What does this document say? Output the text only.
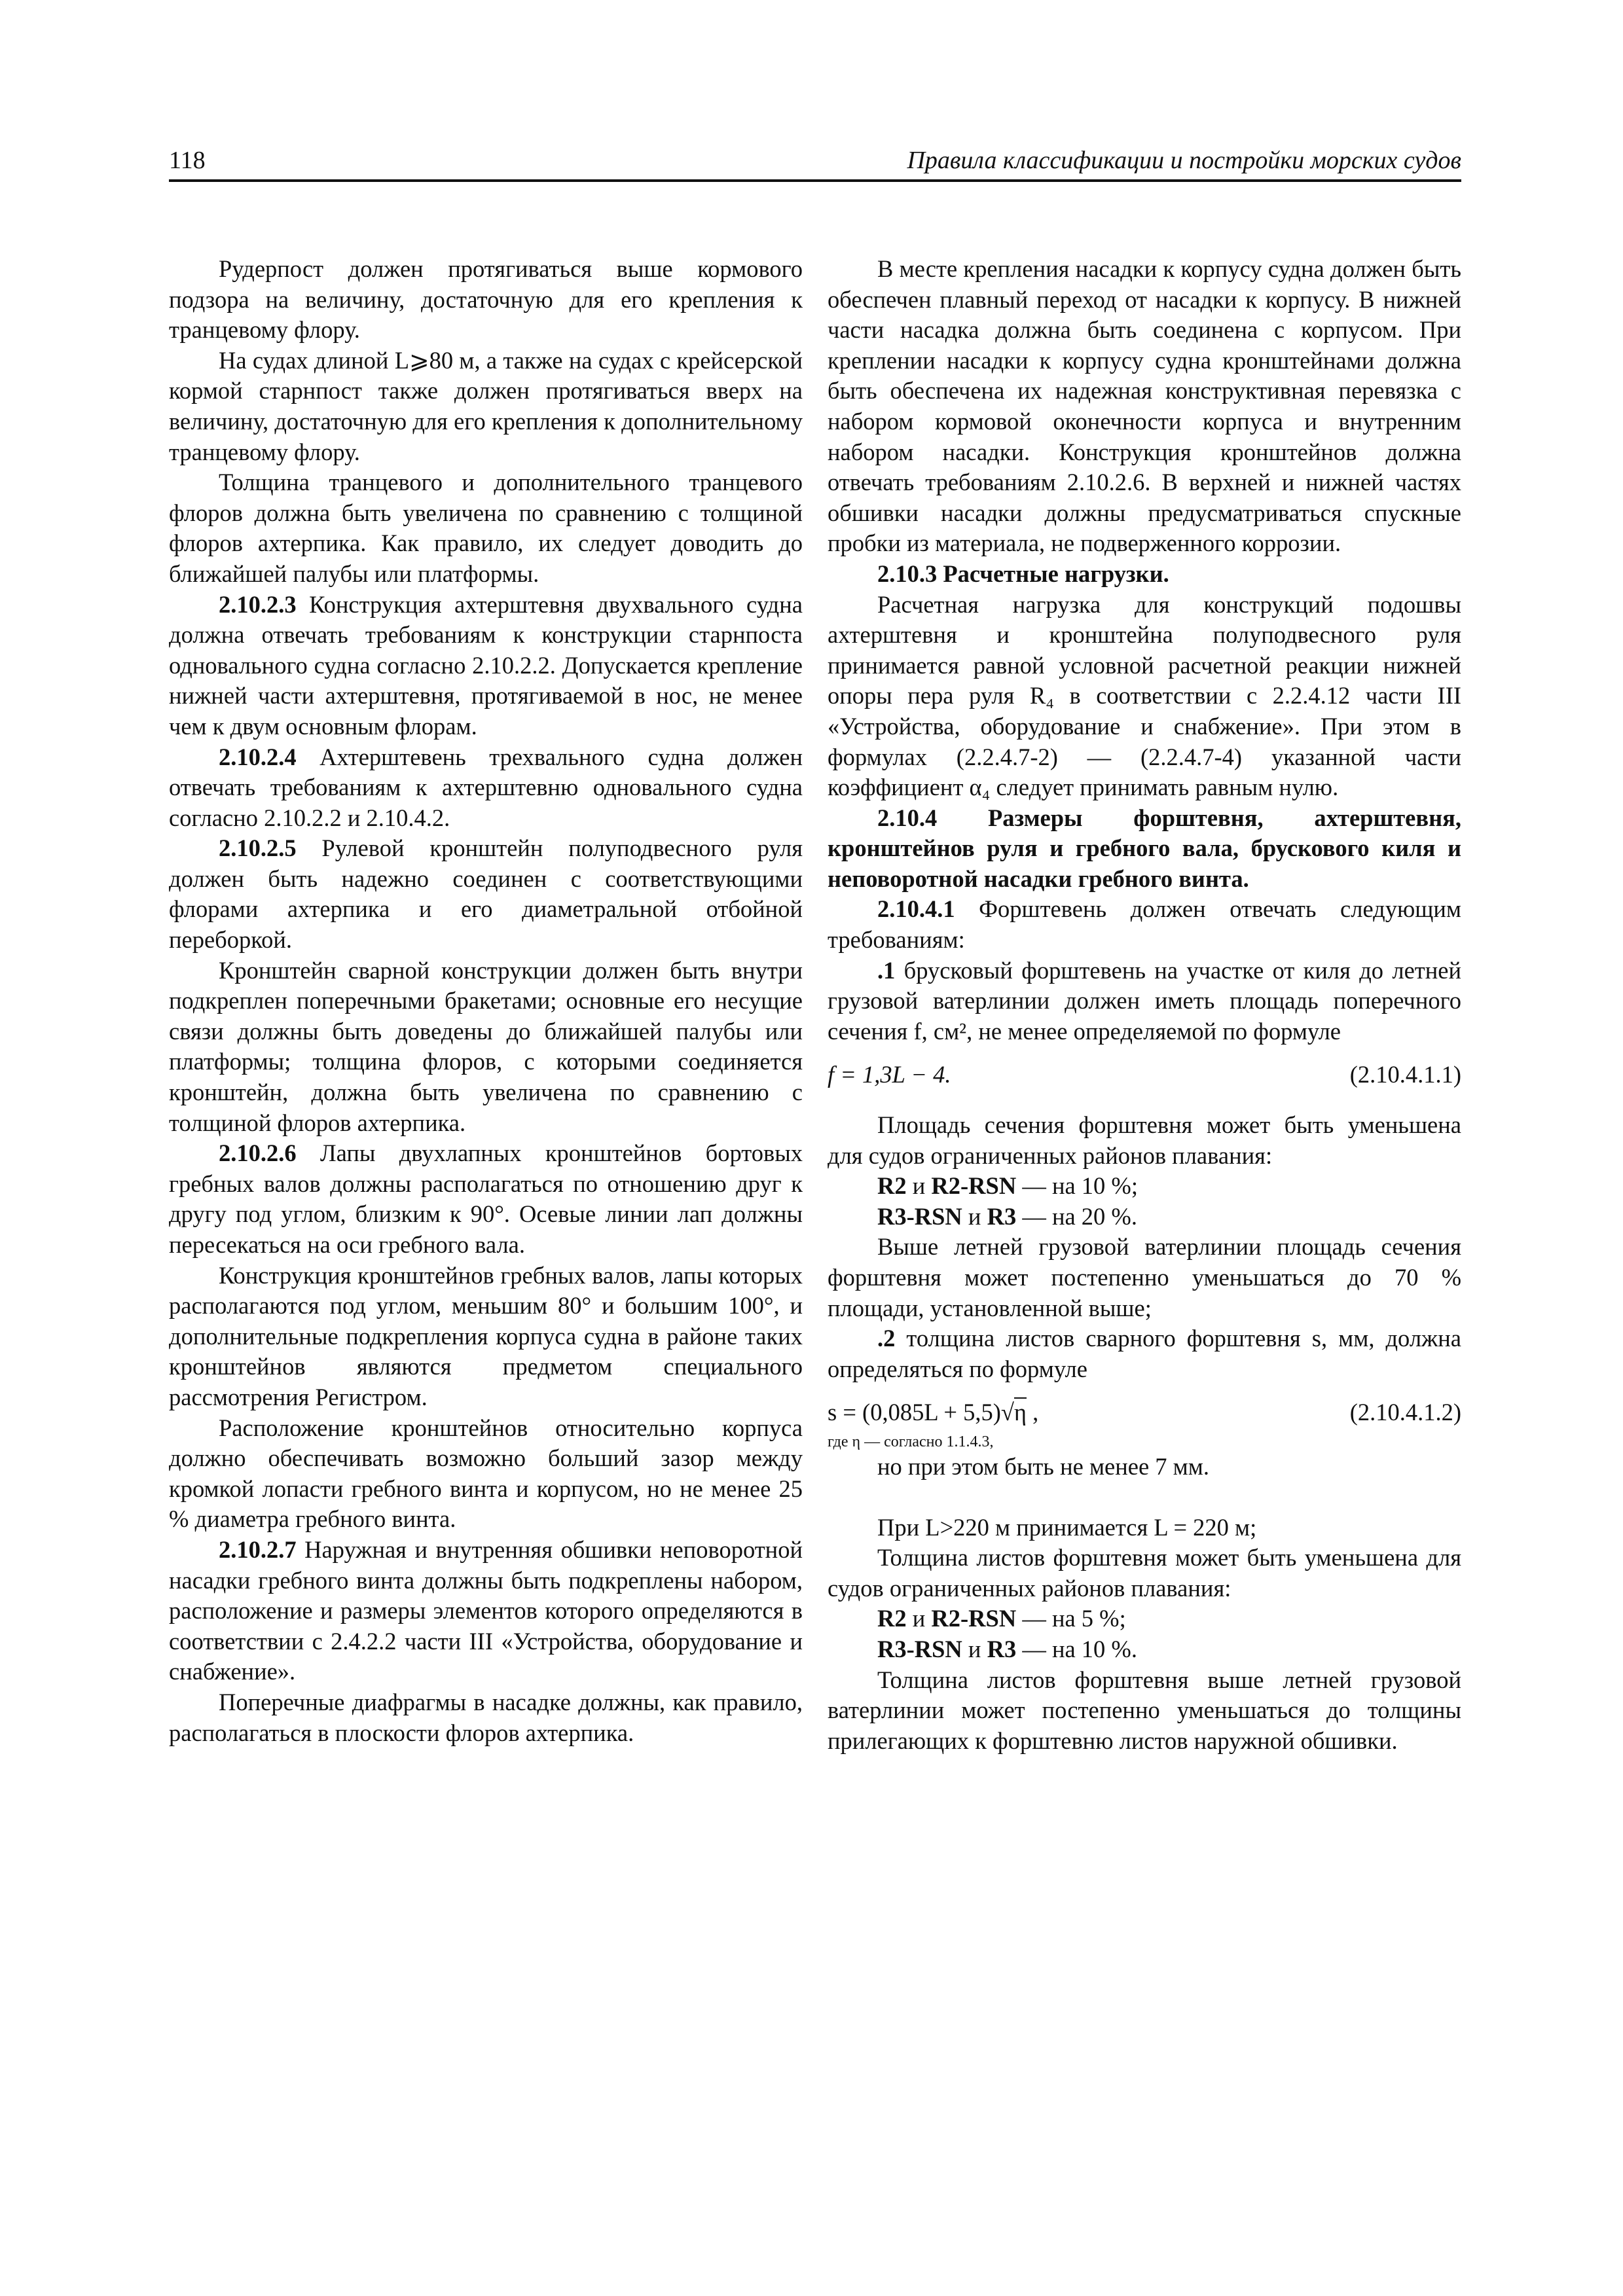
118	Правила классификации и постройки морских судов

Рудерпост должен протягиваться выше кормового подзора на величину, достаточную для его крепления к транцевому флору.

На судах длиной L⩾80 м, а также на судах с крейсерской кормой старнпост также должен протягиваться вверх на величину, достаточную для его крепления к дополнительному транцевому флору.

Толщина транцевого и дополнительного транцевого флоров должна быть увеличена по сравнению с толщиной флоров ахтерпика. Как правило, их следует доводить до ближайшей палубы или платформы.

2.10.2.3 Конструкция ахтерштевня двухвального судна должна отвечать требованиям к конструкции старнпоста одновального судна согласно 2.10.2.2. Допускается крепление нижней части ахтерштевня, протягиваемой в нос, не менее чем к двум основным флорам.

2.10.2.4 Ахтерштевень трехвального судна должен отвечать требованиям к ахтерштевню одновального судна согласно 2.10.2.2 и 2.10.4.2.

2.10.2.5 Рулевой кронштейн полуподвесного руля должен быть надежно соединен с соответствующими флорами ахтерпика и его диаметральной отбойной переборкой.

Кронштейн сварной конструкции должен быть внутри подкреплен поперечными бракетами; основные его несущие связи должны быть доведены до ближайшей палубы или платформы; толщина флоров, с которыми соединяется кронштейн, должна быть увеличена по сравнению с толщиной флоров ахтерпика.

2.10.2.6 Лапы двухлапных кронштейнов бортовых гребных валов должны располагаться по отношению друг к другу под углом, близким к 90°. Осевые линии лап должны пересекаться на оси гребного вала.

Конструкция кронштейнов гребных валов, лапы которых располагаются под углом, меньшим 80° и большим 100°, и дополнительные подкрепления корпуса судна в районе таких кронштейнов являются предметом специального рассмотрения Регистром.

Расположение кронштейнов относительно корпуса должно обеспечивать возможно больший зазор между кромкой лопасти гребного винта и корпусом, но не менее 25 % диаметра гребного винта.

2.10.2.7 Наружная и внутренняя обшивки неповоротной насадки гребного винта должны быть подкреплены набором, расположение и размеры элементов которого определяются в соответствии с 2.4.2.2 части III «Устройства, оборудование и снабжение».

Поперечные диафрагмы в насадке должны, как правило, располагаться в плоскости флоров ахтерпика.

В месте крепления насадки к корпусу судна должен быть обеспечен плавный переход от насадки к корпусу. В нижней части насадка должна быть соединена с корпусом. При креплении насадки к корпусу судна кронштейнами должна быть обеспечена их надежная конструктивная перевязка с набором кормовой оконечности корпуса и внутренним набором насадки. Конструкция кронштейнов должна отвечать требованиям 2.10.2.6. В верхней и нижней частях обшивки насадки должны предусматриваться спускные пробки из материала, не подверженного коррозии.

2.10.3 Расчетные нагрузки.

Расчетная нагрузка для конструкций подошвы ахтерштевня и кронштейна полуподвесного руля принимается равной условной расчетной реакции нижней опоры пера руля R₄ в соответствии с 2.2.4.12 части III «Устройства, оборудование и снабжение». При этом в формулах (2.2.4.7-2) — (2.2.4.7-4) указанной части коэффициент α₄ следует принимать равным нулю.

2.10.4 Размеры форштевня, ахтерштевня, кронштейнов руля и гребного вала, брускового киля и неповоротной насадки гребного винта.

2.10.4.1 Форштевень должен отвечать следующим требованиям:

.1 брусковый форштевень на участке от киля до летней грузовой ватерлинии должен иметь площадь поперечного сечения f, см², не менее определяемой по формуле

f = 1,3L − 4.	(2.10.4.1.1)

Площадь сечения форштевня может быть уменьшена для судов ограниченных районов плавания:

R2 и R2-RSN — на 10 %;

R3-RSN и R3 — на 20 %.

Выше летней грузовой ватерлинии площадь сечения форштевня может постепенно уменьшаться до 70 % площади, установленной выше;

.2 толщина листов сварного форштевня s, мм, должна определяться по формуле

s = (0,085L + 5,5)√η ,	(2.10.4.1.2)

где η — согласно 1.1.4.3,

но при этом быть не менее 7 мм.

При L>220 м принимается L = 220 м;

Толщина листов форштевня может быть уменьшена для судов ограниченных районов плавания:

R2 и R2-RSN — на 5 %;

R3-RSN и R3 — на 10 %.

Толщина листов форштевня выше летней грузовой ватерлинии может постепенно уменьшаться до толщины прилегающих к форштевню листов наружной обшивки.
